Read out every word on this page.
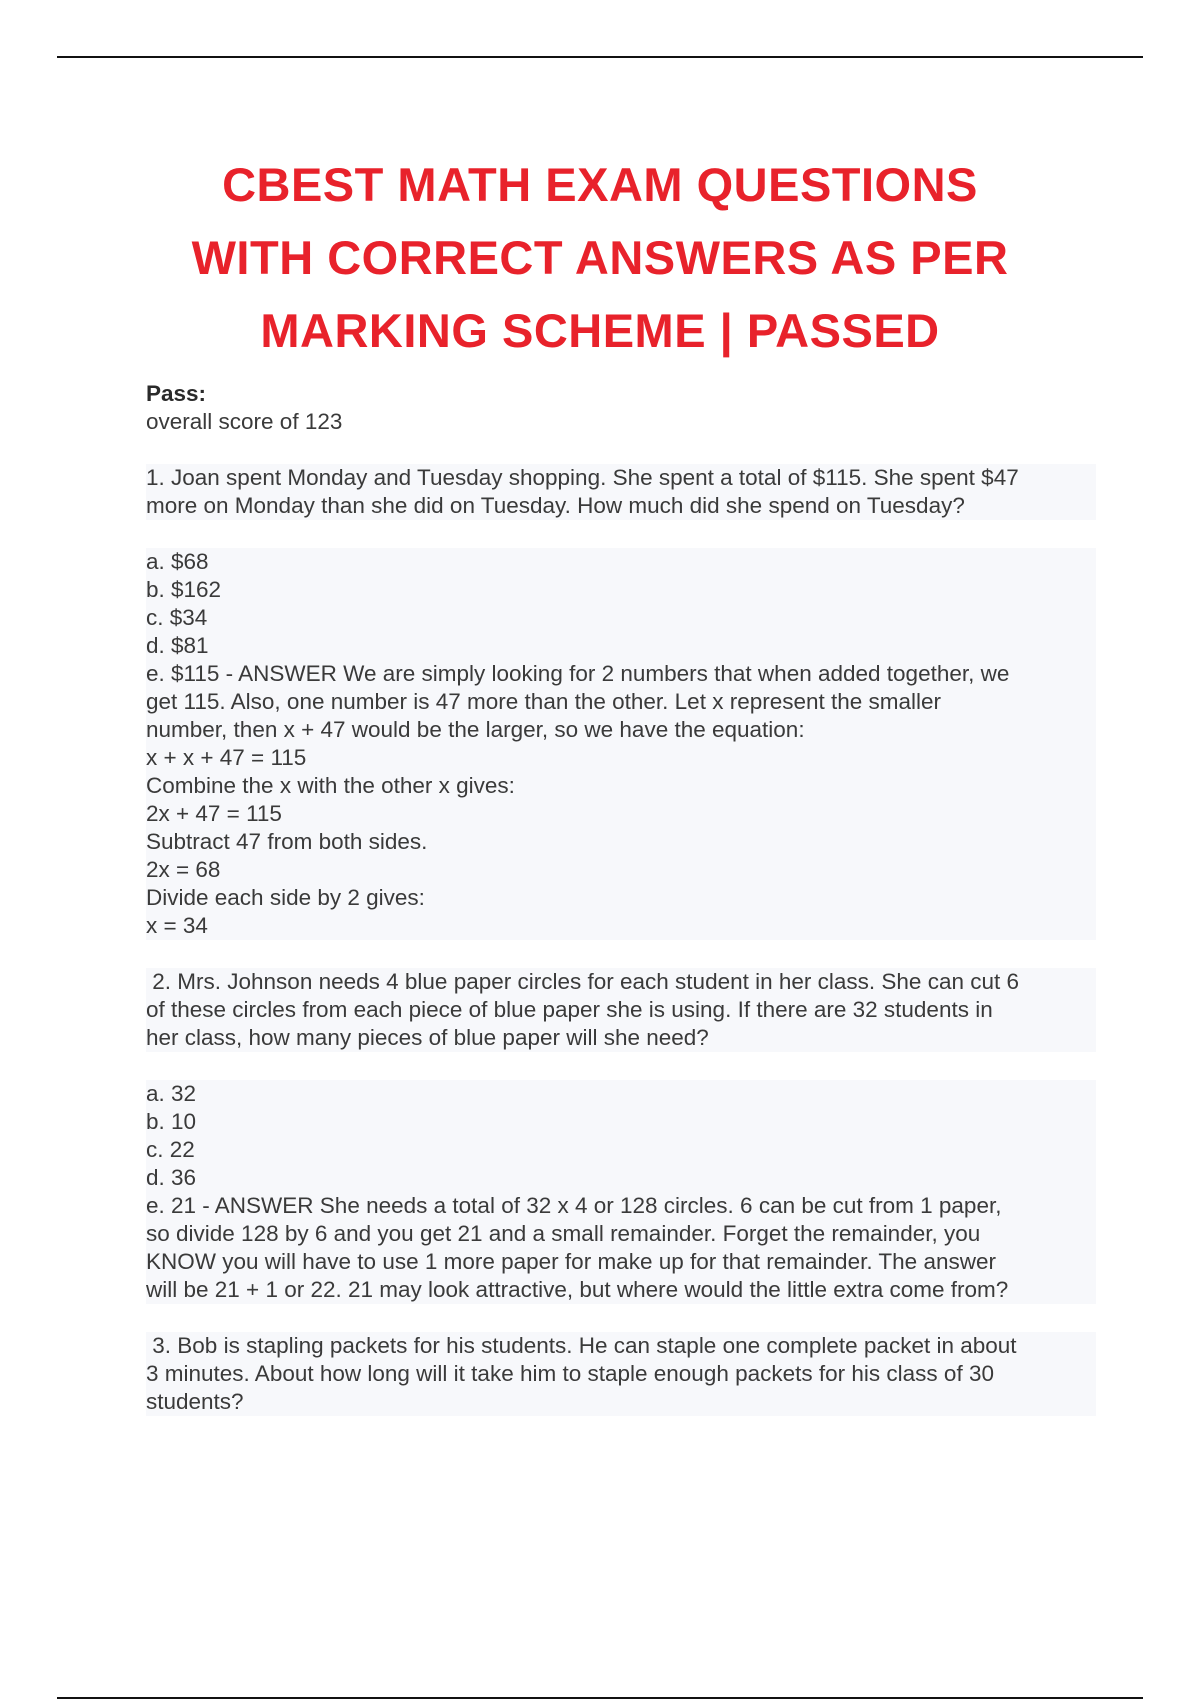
CBEST MATH EXAM QUESTIONS
WITH CORRECT ANSWERS AS PER
MARKING SCHEME | PASSED

Pass:

overall score of 123

1. Joan spent Monday and Tuesday shopping. She spent a total of $115. She spent $47

more on Monday than she did on Tuesday. How much did she spend on Tuesday?

a. $68

b. $162

c. $34

d. $81

e. $115 - ANSWER We are simply looking for 2 numbers that when added together, we

get 115. Also, one number is 47 more than the other. Let x represent the smaller

number, then x + 47 would be the larger, so we have the equation:

x + x + 47 = 115

Combine the x with the other x gives:

2x + 47 = 115

Subtract 47 from both sides.

2x = 68

Divide each side by 2 gives:

x = 34

2. Mrs. Johnson needs 4 blue paper circles for each student in her class. She can cut 6

of these circles from each piece of blue paper she is using. If there are 32 students in

her class, how many pieces of blue paper will she need?

a. 32

b. 10

c. 22

d. 36

e. 21 - ANSWER She needs a total of 32 x 4 or 128 circles. 6 can be cut from 1 paper,

so divide 128 by 6 and you get 21 and a small remainder. Forget the remainder, you

KNOW you will have to use 1 more paper for make up for that remainder. The answer

will be 21 + 1 or 22. 21 may look attractive, but where would the little extra come from?

3. Bob is stapling packets for his students. He can staple one complete packet in about

3 minutes. About how long will it take him to staple enough packets for his class of 30

students?
